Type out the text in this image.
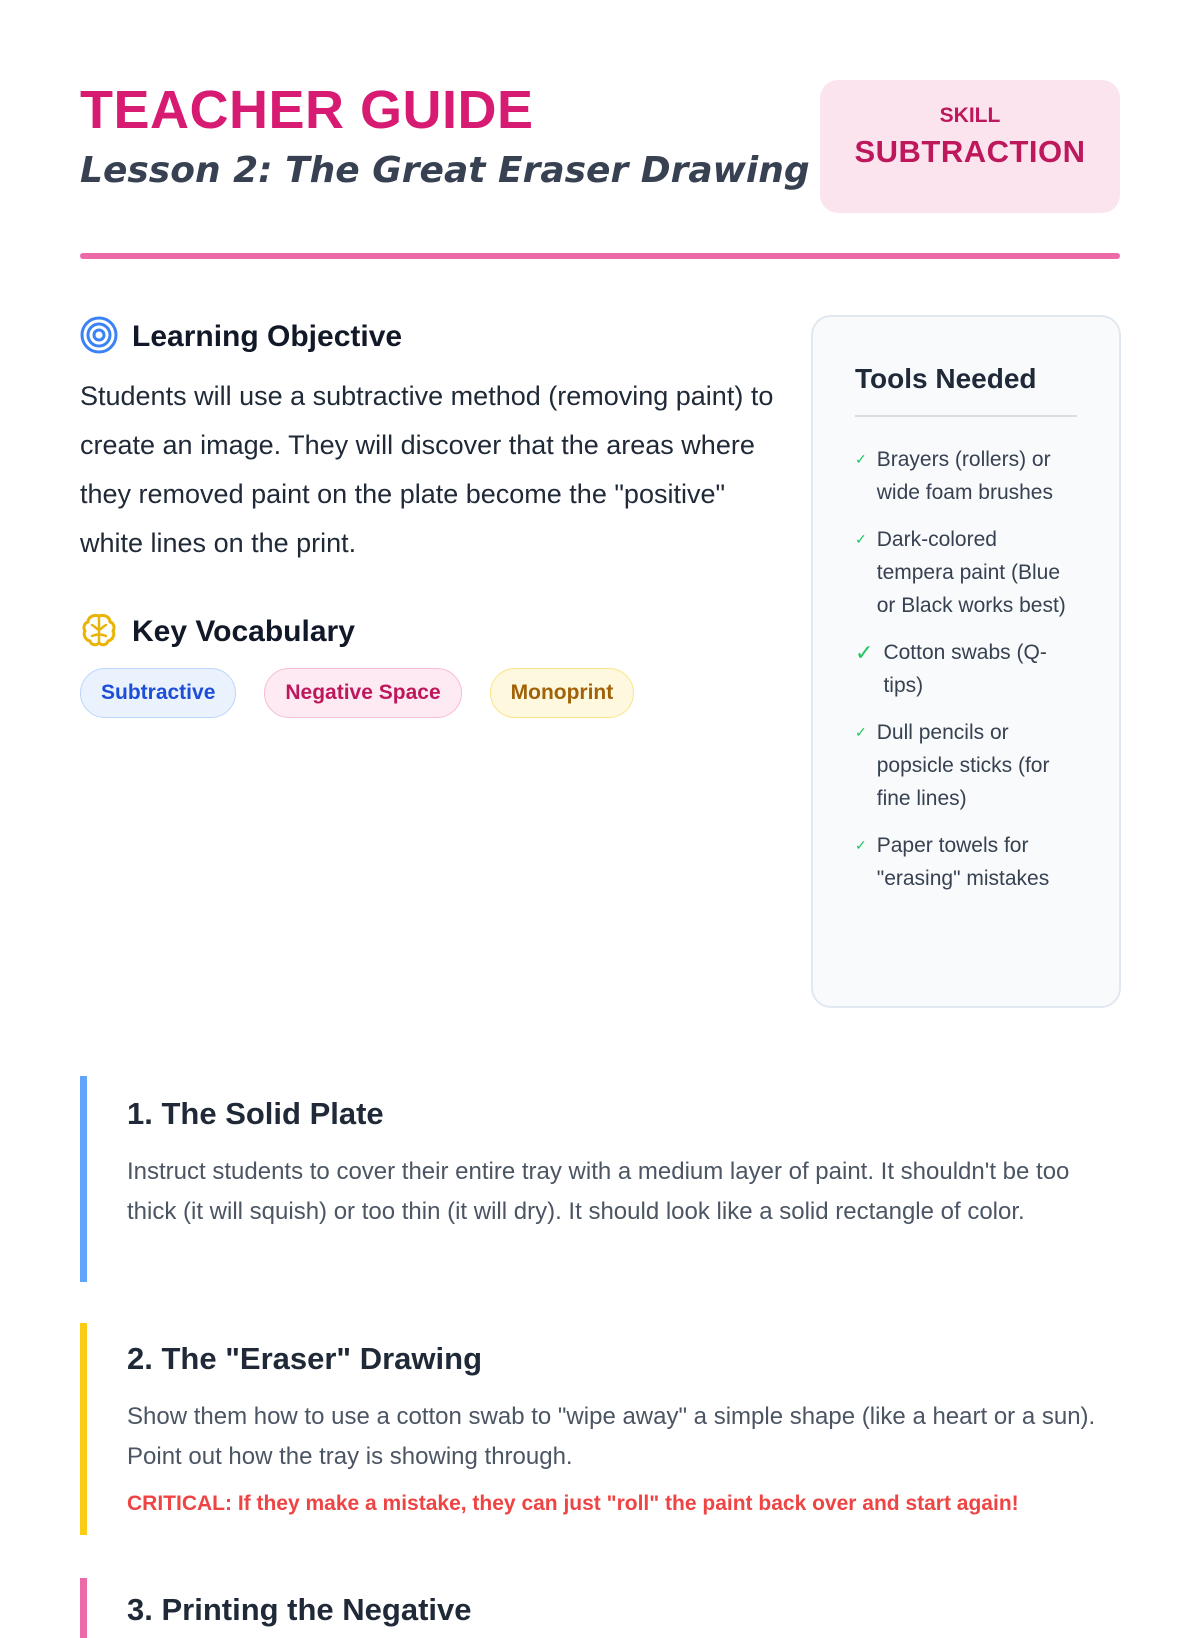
TEACHER GUIDE
Lesson 2: The Great Eraser Drawing
SKILL
SUBTRACTION
Learning Objective
Students will use a subtractive method (removing paint) to create an image. They will discover that the areas where they removed paint on the plate become the "positive" white lines on the print.
Key Vocabulary
Subtractive	Negative Space	Monoprint
Tools Needed
✓ Brayers (rollers) or wide foam brushes
✓ Dark-colored tempera paint (Blue or Black works best)
✓ Cotton swabs (Q-tips)
✓ Dull pencils or popsicle sticks (for fine lines)
✓ Paper towels for "erasing" mistakes
1. The Solid Plate
Instruct students to cover their entire tray with a medium layer of paint. It shouldn't be too thick (it will squish) or too thin (it will dry). It should look like a solid rectangle of color.
2. The "Eraser" Drawing
Show them how to use a cotton swab to "wipe away" a simple shape (like a heart or a sun). Point out how the tray is showing through.
CRITICAL: If they make a mistake, they can just "roll" the paint back over and start again!
3. Printing the Negative
